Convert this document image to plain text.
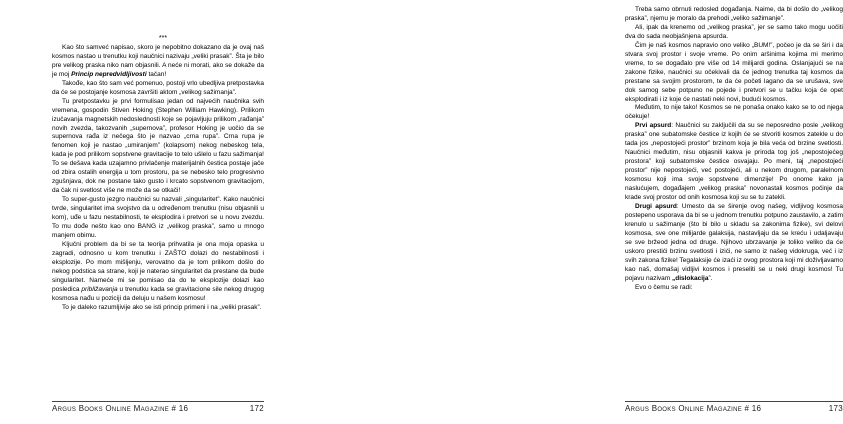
***

Kao što samveć napisao, skoro je nepobitno dokazano da je ovaj naš kosmos nastao u trenutku koji naučnici nazivaju „veliki prasak”. Šta je bilo pre velikog praska niko nam objasnili. A neće ni morati, ako se dokaže da je moj Princip nepredvidljivosti tačan!

Takođe, kao što sam već pomenuo, postoji vrlo ubedljiva pretpostavka da će se postojanje kosmosa završiti aktom „velikog sažimanja”.

Tu pretpostavku je prvi formulisao jedan od najvećih naučnika svih vremena, gospodin Stiven Hoking (Stephen William Hawking). Prilikom izučavanja magnetskih nedoslednosti koje se pojavljuju prilikom „rađanja” novih zvezda, takozvanih „supernova”, profesor Hoking je uočio da se supernova rađa iz nečega što je nazvao „crna rupa”. Crna rupa je fenomen koji je nastao „umiranjem” (kolapsom) nekog nebeskog tela, kada je pod prilikom sopstvene gravitacije to telo ušlelo u fazu sažimanja! To se dešava kada uzajamno privlačenje materijalnih čestica postaje jače od zbira ostalih energija u tom prostoru, pa se nebesko telo progresivno zgušnjava, dok ne postane tako gusto i krcato sopstvenom gravitacijom, da čak ni svetlost više ne može da se otkači!

To super-gusto jezgro naučnici su nazvali „singularitet”. Kako naučnici tvrde, singularitet ima svojstvo da u određenom trenutku (nisu objasnili u kom), uđe u fazu nestabilnosti, te eksplodira i pretvori se u novu zvezdu. To mu dođe nešto kao ono BANG iz „velikog praska”, samo u mnogo manjem obimu.

Ključni problem da bi se ta teorija prihvatila je ona moja opaska u zagradi, odnosno u kom trenutku i ZAŠTO dolazi do nestabilnosti i eksplozije. Po mom mišljenju, verovatno da je tom prilikom došlo do nekog podstica sa strane, koji je naterao singularitet da prestane da bude singularitet. Nameće mi se pomisao da do te eksplozije dolazi kao posledica približavanja u trenutku kada se gravitacione sile nekog drugog kosmosa nađu u poziciji da deluju u našem kosmosu!

To je daleko razumljivije ako se isti princip primeni i na „veliki prasak”.

Argus Books Online Magazine # 16	172

Treba samo obrnuti redosled događanja. Naime, da bi došlo do „velikog praska”, njemu je moralo da prehodi „veliko sažimanje”.

Ali, ipak da krenemo od „velikog praska”, jer se samo tako mogu uočiti dva do sada neobjašnjena apsurda.

Čim je naš kosmos napravio ono veliko „BUM!”, počeo je da se širi i da stvara svoj prostor i svoje vreme. Po onim aršinima kojima mi merimo vreme, to se događalo pre više od 14 milijardi godina. Oslanjajući se na zakone fizike, naučnici su očekivali da će jednog trenutka taj kosmos da prestane sa svojim prostorom, te da će početi lagano da se urušava, sve dok samog sebe potpuno ne pojede i pretvori se u tačku koja će opet eksplodirati i iz koje će nastati neki novi, budući kosmos.

Međutim, to nije tako! Kosmos se ne ponaša onako kako se to od njega očekuje!

Prvi apsurd: Naučnici su zaključili da su se neposredno posle „velikog praska” one subatomske čestice iz kojih će se stvoriti kosmos zatekle u do tada jos „nepostojeći prostor” brzinom koja je bila veća od brzine svetlosti. Naučnici međutim, nisu objasnili kakva je priroda tog još „nepostojećeg prostora” koji subatomske čestice osvajaju. Po meni, taj „nepostojeći prostor” nije nepostojeći, već postojeći, ali u nekom drugom, paralelnom kosmosu koji ima svoje sopstvene dimenzije! Po onome kako ja naslućujem, događajem „velikog praska” novonastali kosmos počinje da krade svoj prostor od onih kosmosa koji su se tu zatekli.

Drugi apsurd: Umesto da se širenje ovog našeg, vidljivog kosmosa postepeno usporava da bi se u jednom trenutku potpuno zaustavilo, a zatim krenulo u sažimanje (što bi bilo u skladu sa zakonima fizike), svi delovi kosmosa, sve one milijarde galaksija, nastavljaju da se kreću i udaljavaju se sve bržeod jedna od druge. Njihovo ubrzavanje je toliko veliko da će uskoro prestići brzinu svetlosti i izići, ne samo iz našeg vidokruga, već i iz svih zakona fizike! Tegalaksije će izaći iz ovog prostora koji mi doživljavamo kao naš, domašaj vidljivi kosmos i preseliti se u neki drugi kosmos! Tu pojavu nazivam „dislokacija”.

Evo o čemu se radi:

Argus Books Online Magazine # 16	173
